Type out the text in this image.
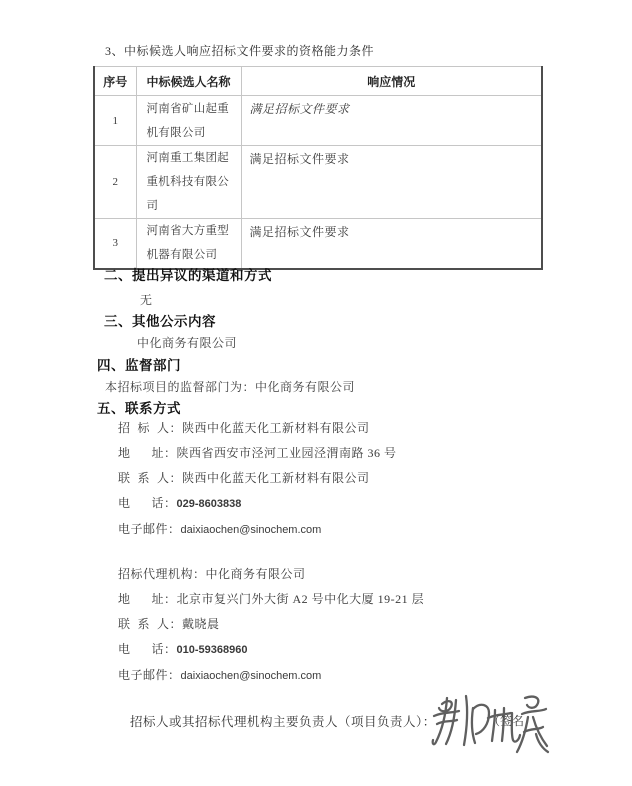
3、中标候选人响应招标文件要求的资格能力条件
序号	中标候选人名称	响应情况
1	河南省矿山起重机有限公司	满足招标文件要求
2	河南重工集团起重机科技有限公司	满足招标文件要求
3	河南省大方重型机器有限公司	满足招标文件要求
二、提出异议的渠道和方式
无
三、其他公示内容
中化商务有限公司
四、监督部门
本招标项目的监督部门为：中化商务有限公司
五、联系方式
招  标  人：陕西中化蓝天化工新材料有限公司
地      址：陕西省西安市泾河工业园泾渭南路 36 号
联  系  人：陕西中化蓝天化工新材料有限公司
电      话：029-8603838
电子邮件：daixiaochen@sinochem.com
招标代理机构：中化商务有限公司
地      址：北京市复兴门外大街 A2 号中化大厦 19-21 层
联  系  人：戴晓晨
电      话：010-59368960
电子邮件：daixiaochen@sinochem.com
招标人或其招标代理机构主要负责人（项目负责人）：	（签名
